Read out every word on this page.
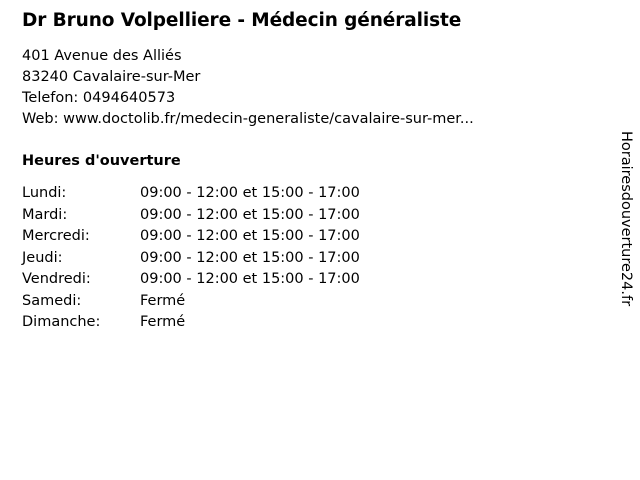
Dr Bruno Volpelliere - Médecin généraliste
401 Avenue des Alliés
83240 Cavalaire-sur-Mer
Telefon: 0494640573
Web: www.doctolib.fr/medecin-generaliste/cavalaire-sur-mer...
Heures d'ouverture
Lundi:	09:00 - 12:00 et 15:00 - 17:00
Mardi:	09:00 - 12:00 et 15:00 - 17:00
Mercredi:	09:00 - 12:00 et 15:00 - 17:00
Jeudi:	09:00 - 12:00 et 15:00 - 17:00
Vendredi:	09:00 - 12:00 et 15:00 - 17:00
Samedi:	Fermé
Dimanche:	Fermé
Horairesdouverture24.fr
